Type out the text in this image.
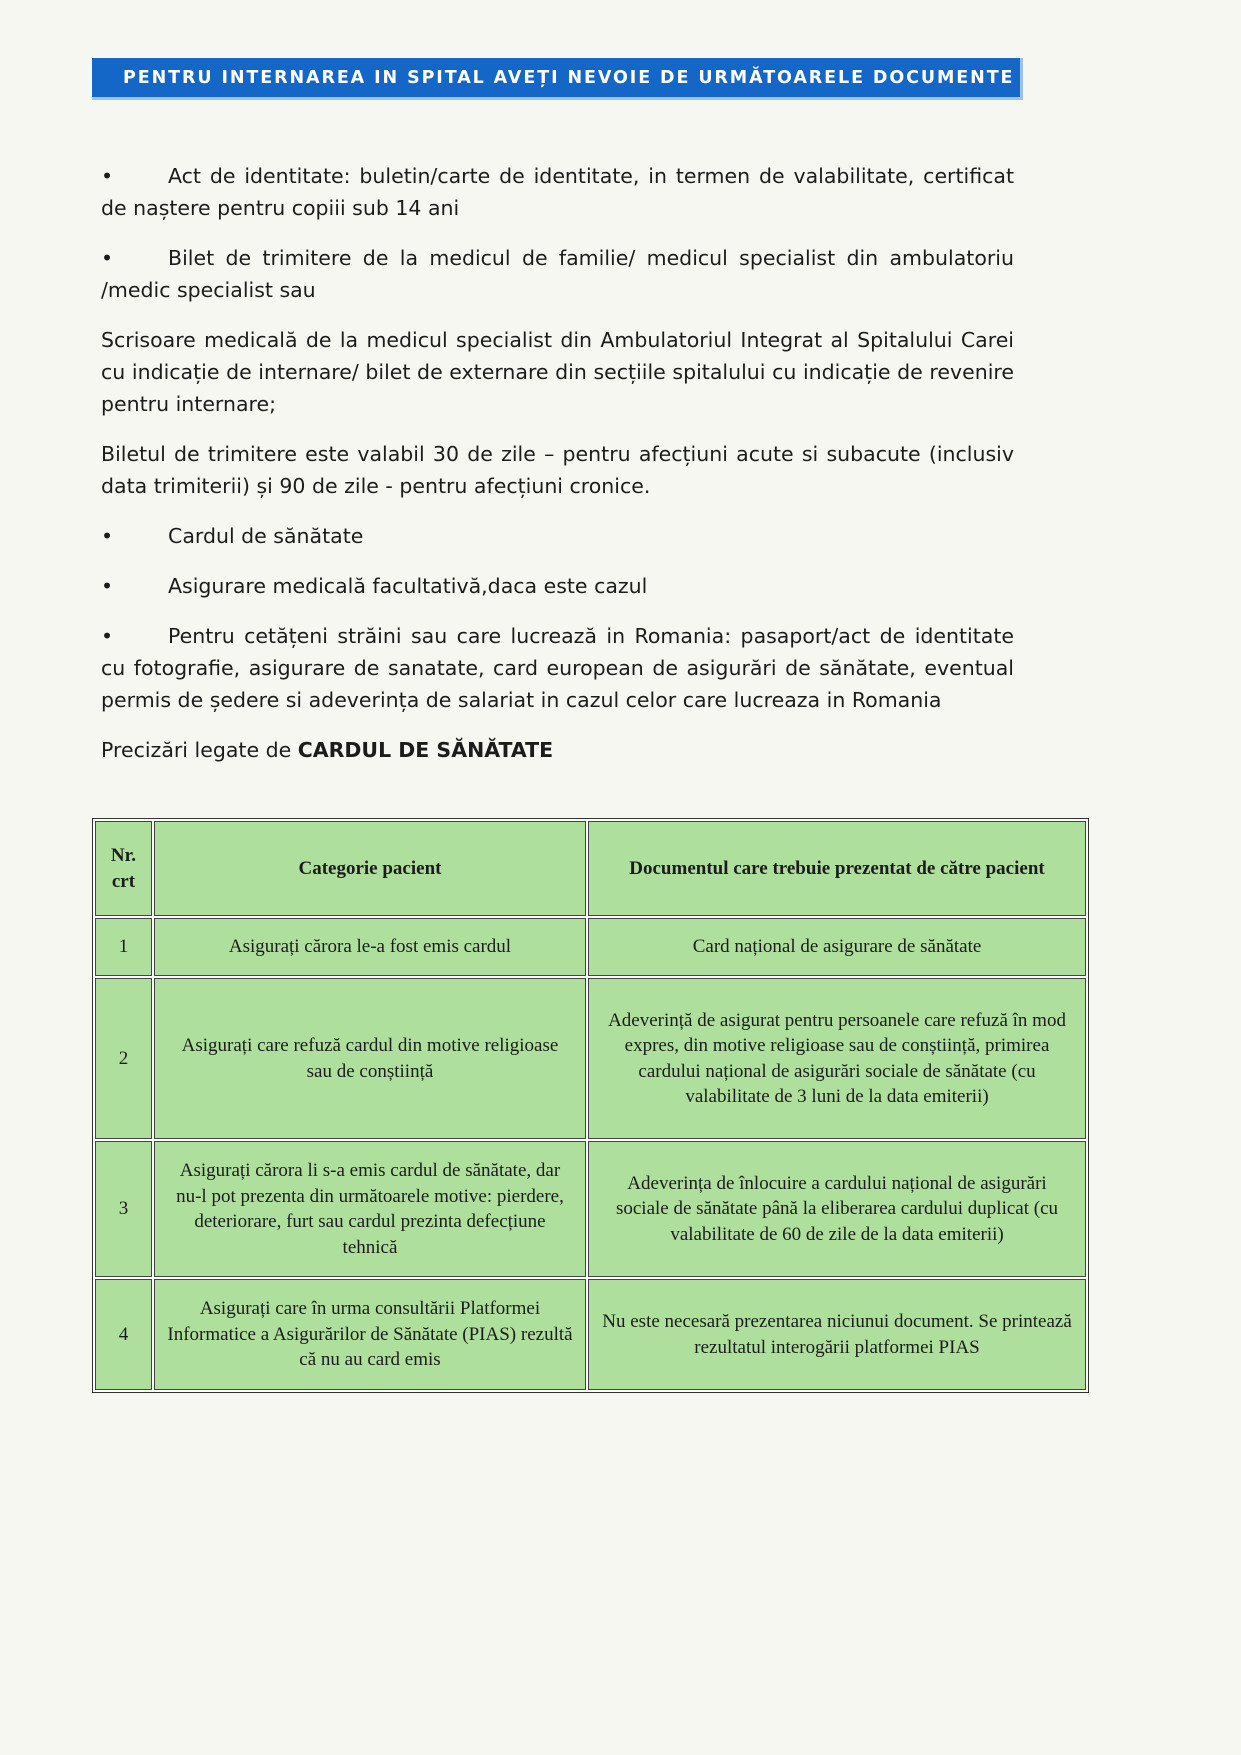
PENTRU INTERNAREA IN SPITAL AVEȚI NEVOIE DE URMĂTOARELE DOCUMENTE

•	Act de identitate: buletin/carte de identitate, in termen de valabilitate, certificat de naștere pentru copiii sub 14 ani

•	Bilet de trimitere de la medicul de familie/ medicul specialist din ambulatoriu /medic specialist sau

Scrisoare medicală de la medicul specialist din Ambulatoriul Integrat al Spitalului Carei cu indicație de internare/ bilet de externare din secțiile spitalului cu indicație de revenire pentru internare;

Biletul de trimitere este valabil 30 de zile – pentru afecțiuni acute si subacute (inclusiv data trimiterii) și 90 de zile - pentru afecțiuni cronice.

•	Cardul de sănătate

•	Asigurare medicală facultativă,daca este cazul

•	Pentru cetățeni străini sau care lucrează in Romania: pasaport/act de identitate cu fotografie, asigurare de sanatate, card european de asigurări de sănătate, eventual permis de ședere si adeverința de salariat in cazul celor care lucreaza in Romania

Precizări legate de CARDUL DE SĂNĂTATE

Nr. crt	Categorie pacient	Documentul care trebuie prezentat de către pacient
1	Asigurați cărora le-a fost emis cardul	Card național de asigurare de sănătate
2	Asigurați care refuză cardul din motive religioase sau de conștiință	Adeverință de asigurat pentru persoanele care refuză în mod expres, din motive religioase sau de conștiință, primirea cardului național de asigurări sociale de sănătate (cu valabilitate de 3 luni de la data emiterii)
3	Asigurați cărora li s-a emis cardul de sănătate, dar nu-l pot prezenta din următoarele motive: pierdere, deteriorare, furt sau cardul prezinta defecțiune tehnică	Adeverința de înlocuire a cardului național de asigurări sociale de sănătate până la eliberarea cardului duplicat (cu valabilitate de 60 de zile de la data emiterii)
4	Asigurați care în urma consultării Platformei Informatice a Asigurărilor de Sănătate (PIAS) rezultă că nu au card emis	Nu este necesară prezentarea niciunui document. Se printează rezultatul interogării platformei PIAS
